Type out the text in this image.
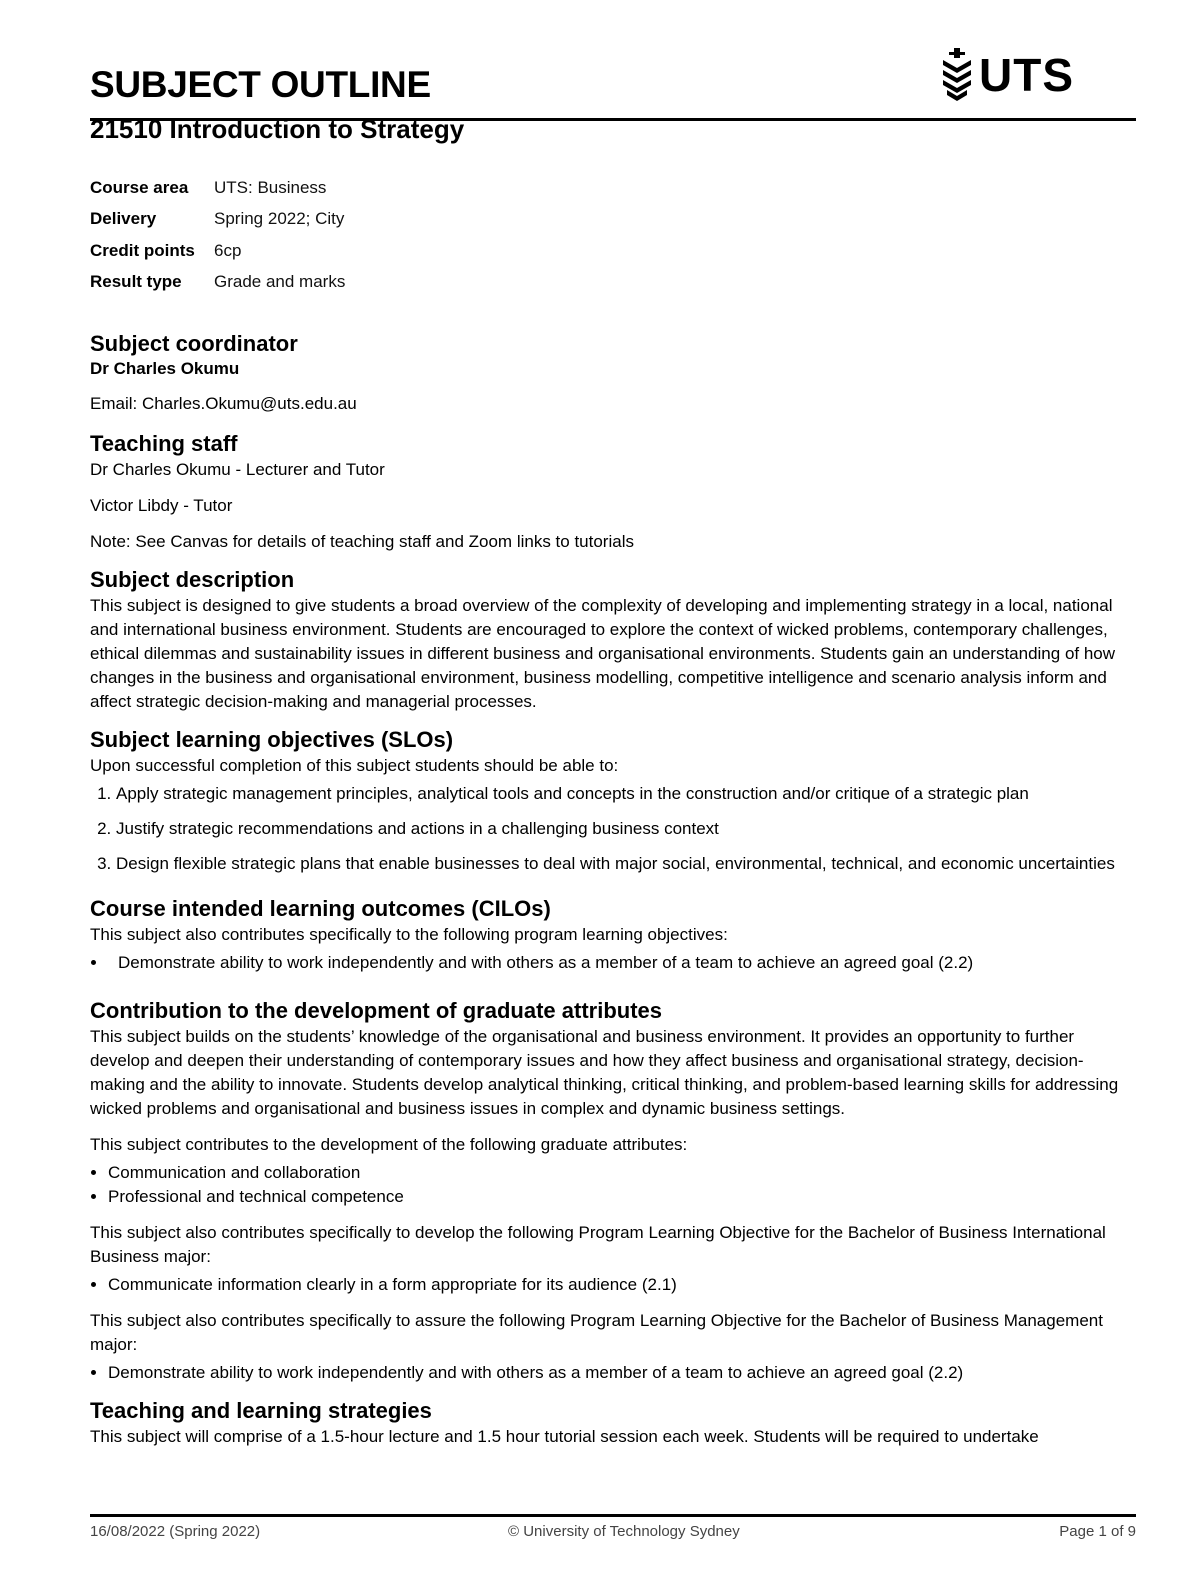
SUBJECT OUTLINE	UTS
21510 Introduction to Strategy
Course area	UTS: Business
Delivery	Spring 2022; City
Credit points	6cp
Result type	Grade and marks
Subject coordinator
Dr Charles Okumu

Email: Charles.Okumu@uts.edu.au

Teaching staff

Dr Charles Okumu - Lecturer and Tutor

Victor Libdy - Tutor

Note: See Canvas for details of teaching staff and Zoom links to tutorials

Subject description

This subject is designed to give students a broad overview of the complexity of developing and implementing strategy in a local, national and international business environment. Students are encouraged to explore the context of wicked problems, contemporary challenges, ethical dilemmas and sustainability issues in different business and organisational environments. Students gain an understanding of how changes in the business and organisational environment, business modelling, competitive intelligence and scenario analysis inform and affect strategic decision-making and managerial processes.

Subject learning objectives (SLOs)

Upon successful completion of this subject students should be able to:

1. Apply strategic management principles, analytical tools and concepts in the construction and/or critique of a strategic plan
2. Justify strategic recommendations and actions in a challenging business context
3. Design flexible strategic plans that enable businesses to deal with major social, environmental, technical, and economic uncertainties
Course intended learning outcomes (CILOs)

This subject also contributes specifically to the following program learning objectives:

• Demonstrate ability to work independently and with others as a member of a team to achieve an agreed goal (2.2)
Contribution to the development of graduate attributes

This subject builds on the students’ knowledge of the organisational and business environment. It provides an opportunity to further develop and deepen their understanding of contemporary issues and how they affect business and organisational strategy, decision-making and the ability to innovate. Students develop analytical thinking, critical thinking, and problem-based learning skills for addressing wicked problems and organisational and business issues in complex and dynamic business settings.

This subject contributes to the development of the following graduate attributes:

• Communication and collaboration
• Professional and technical competence

This subject also contributes specifically to develop the following Program Learning Objective for the Bachelor of Business International Business major:

• Communicate information clearly in a form appropriate for its audience (2.1)

This subject also contributes specifically to assure the following Program Learning Objective for the Bachelor of Business Management major:

• Demonstrate ability to work independently and with others as a member of a team to achieve an agreed goal (2.2)
Teaching and learning strategies

This subject will comprise of a 1.5-hour lecture and 1.5 hour tutorial session each week. Students will be required to undertake

16/08/2022 (Spring 2022)	© University of Technology Sydney	Page 1 of 9
